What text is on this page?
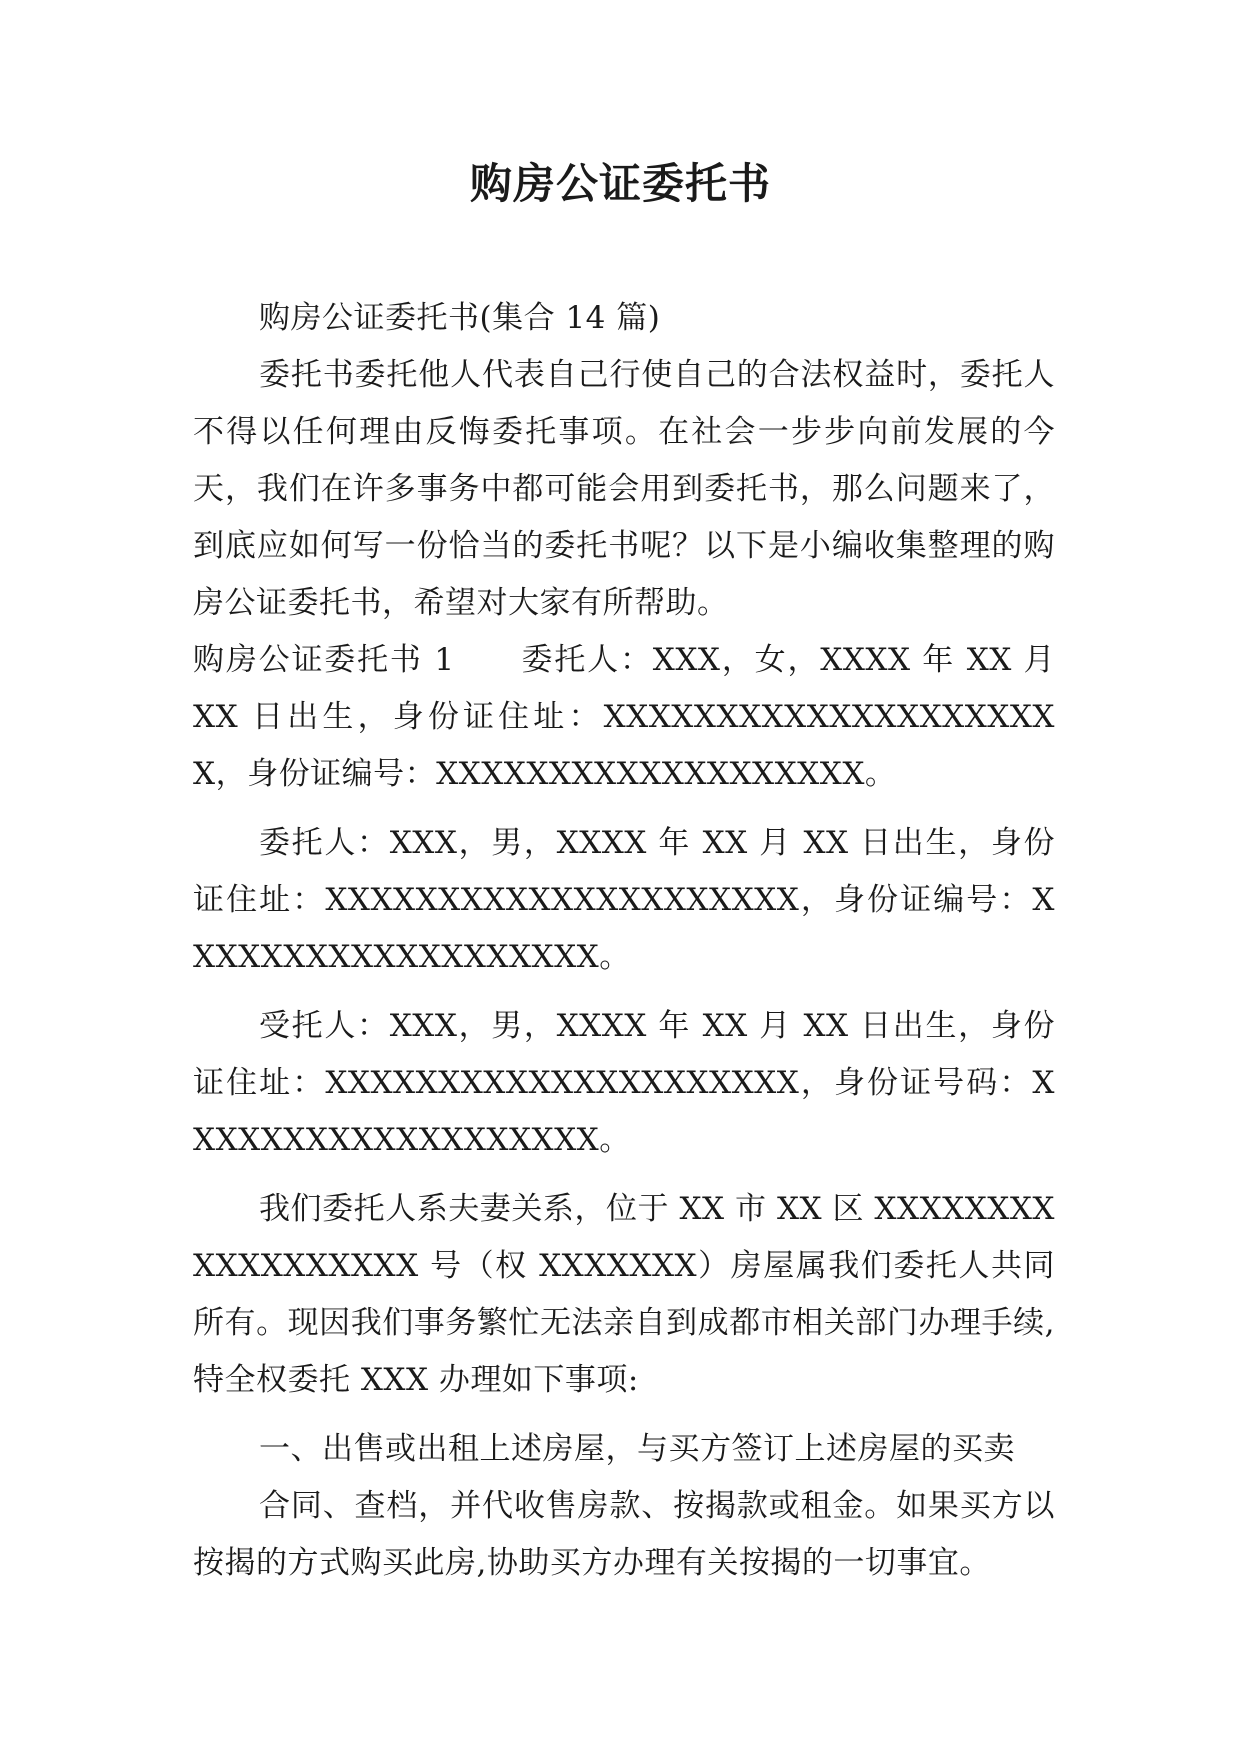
购房公证委托书

购房公证委托书(集合 14 篇)

委托书委托他人代表自己行使自己的合法权益时，委托人不得以任何理由反悔委托事项。在社会一步步向前发展的今天，我们在许多事务中都可能会用到委托书，那么问题来了，到底应如何写一份恰当的委托书呢？以下是小编收集整理的购房公证委托书，希望对大家有所帮助。

购房公证委托书 1　　委托人：XXX，女，XXXX 年 XX 月 XX 日出生，身份证住址：XXXXXXXXXXXXXXXXXXXXX，身份证编号：XXXXXXXXXXXXXXXXXXX。

委托人：XXX，男，XXXX 年 XX 月 XX 日出生，身份证住址：XXXXXXXXXXXXXXXXXXXXX，身份证编号：XXXXXXXXXXXXXXXXXXX。

受托人：XXX，男，XXXX 年 XX 月 XX 日出生，身份证住址：XXXXXXXXXXXXXXXXXXXXX，身份证号码：XXXXXXXXXXXXXXXXXXX。

我们委托人系夫妻关系，位于 XX 市 XX 区 XXXXXXXXXXXXXXXXXX 号（权 XXXXXXX）房屋属我们委托人共同所有。现因我们事务繁忙无法亲自到成都市相关部门办理手续,特全权委托 XXX 办理如下事项:

一、出售或出租上述房屋，与买方签订上述房屋的买卖

合同、查档，并代收售房款、按揭款或租金。如果买方以按揭的方式购买此房,协助买方办理有关按揭的一切事宜。
